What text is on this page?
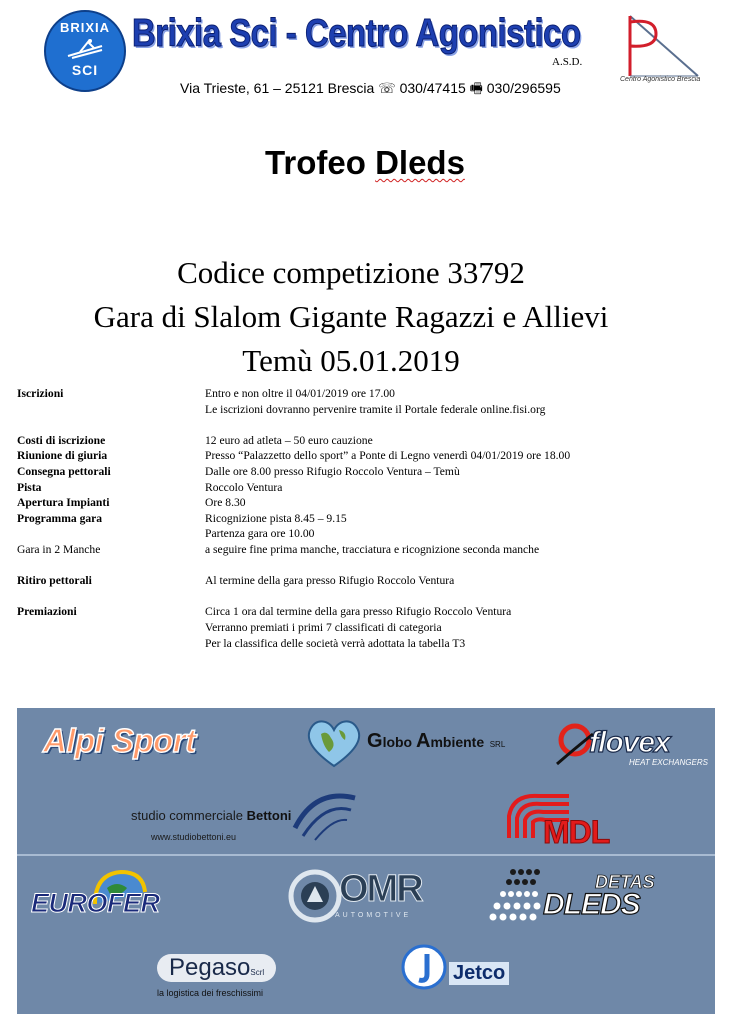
BRIXIA
SCI
Brixia Sci - Centro Agonistico
A.S.D.
Via Trieste, 61 – 25121 Brescia ☏ 030/47415 🖷 030/296595
Centro Agonistico Brescia
Trofeo Dleds
Codice competizione 33792
Gara di Slalom Gigante Ragazzi e Allievi
Temù 05.01.2019
Iscrizioni	Entro e non oltre il 04/01/2019 ore 17.00
Le iscrizioni dovranno pervenire tramite il Portale federale online.fisi.org
Costi di iscrizione	12 euro ad atleta – 50 euro cauzione
Riunione di giuria	Presso “Palazzetto dello sport” a Ponte di Legno venerdì 04/01/2019 ore 18.00
Consegna pettorali	Dalle ore 8.00 presso Rifugio Roccolo Ventura – Temù
Pista	Roccolo Ventura
Apertura Impianti	Ore 8.30
Programma gara	Ricognizione pista 8.45 – 9.15
Partenza gara ore 10.00
Gara in 2 Manche	a seguire fine prima manche, tracciatura e ricognizione seconda manche
Ritiro pettorali	Al termine della gara presso Rifugio Roccolo Ventura
Premiazioni	Circa 1 ora dal termine della gara presso Rifugio Roccolo Ventura
Verranno premiati i primi 7 classificati di categoria
Per la classifica delle società verrà adottata la tabella T3
Alpi Sport	Globo Ambiente SRL	flovex
HEAT EXCHANGERS
studio commerciale Bettoni
www.studiobettoni.eu	MDL
EUROFER	OMR
AUTOMOTIVE
DETAS
DLEDS
PegasoScrl
la logistica dei freschissimi
Jetco
